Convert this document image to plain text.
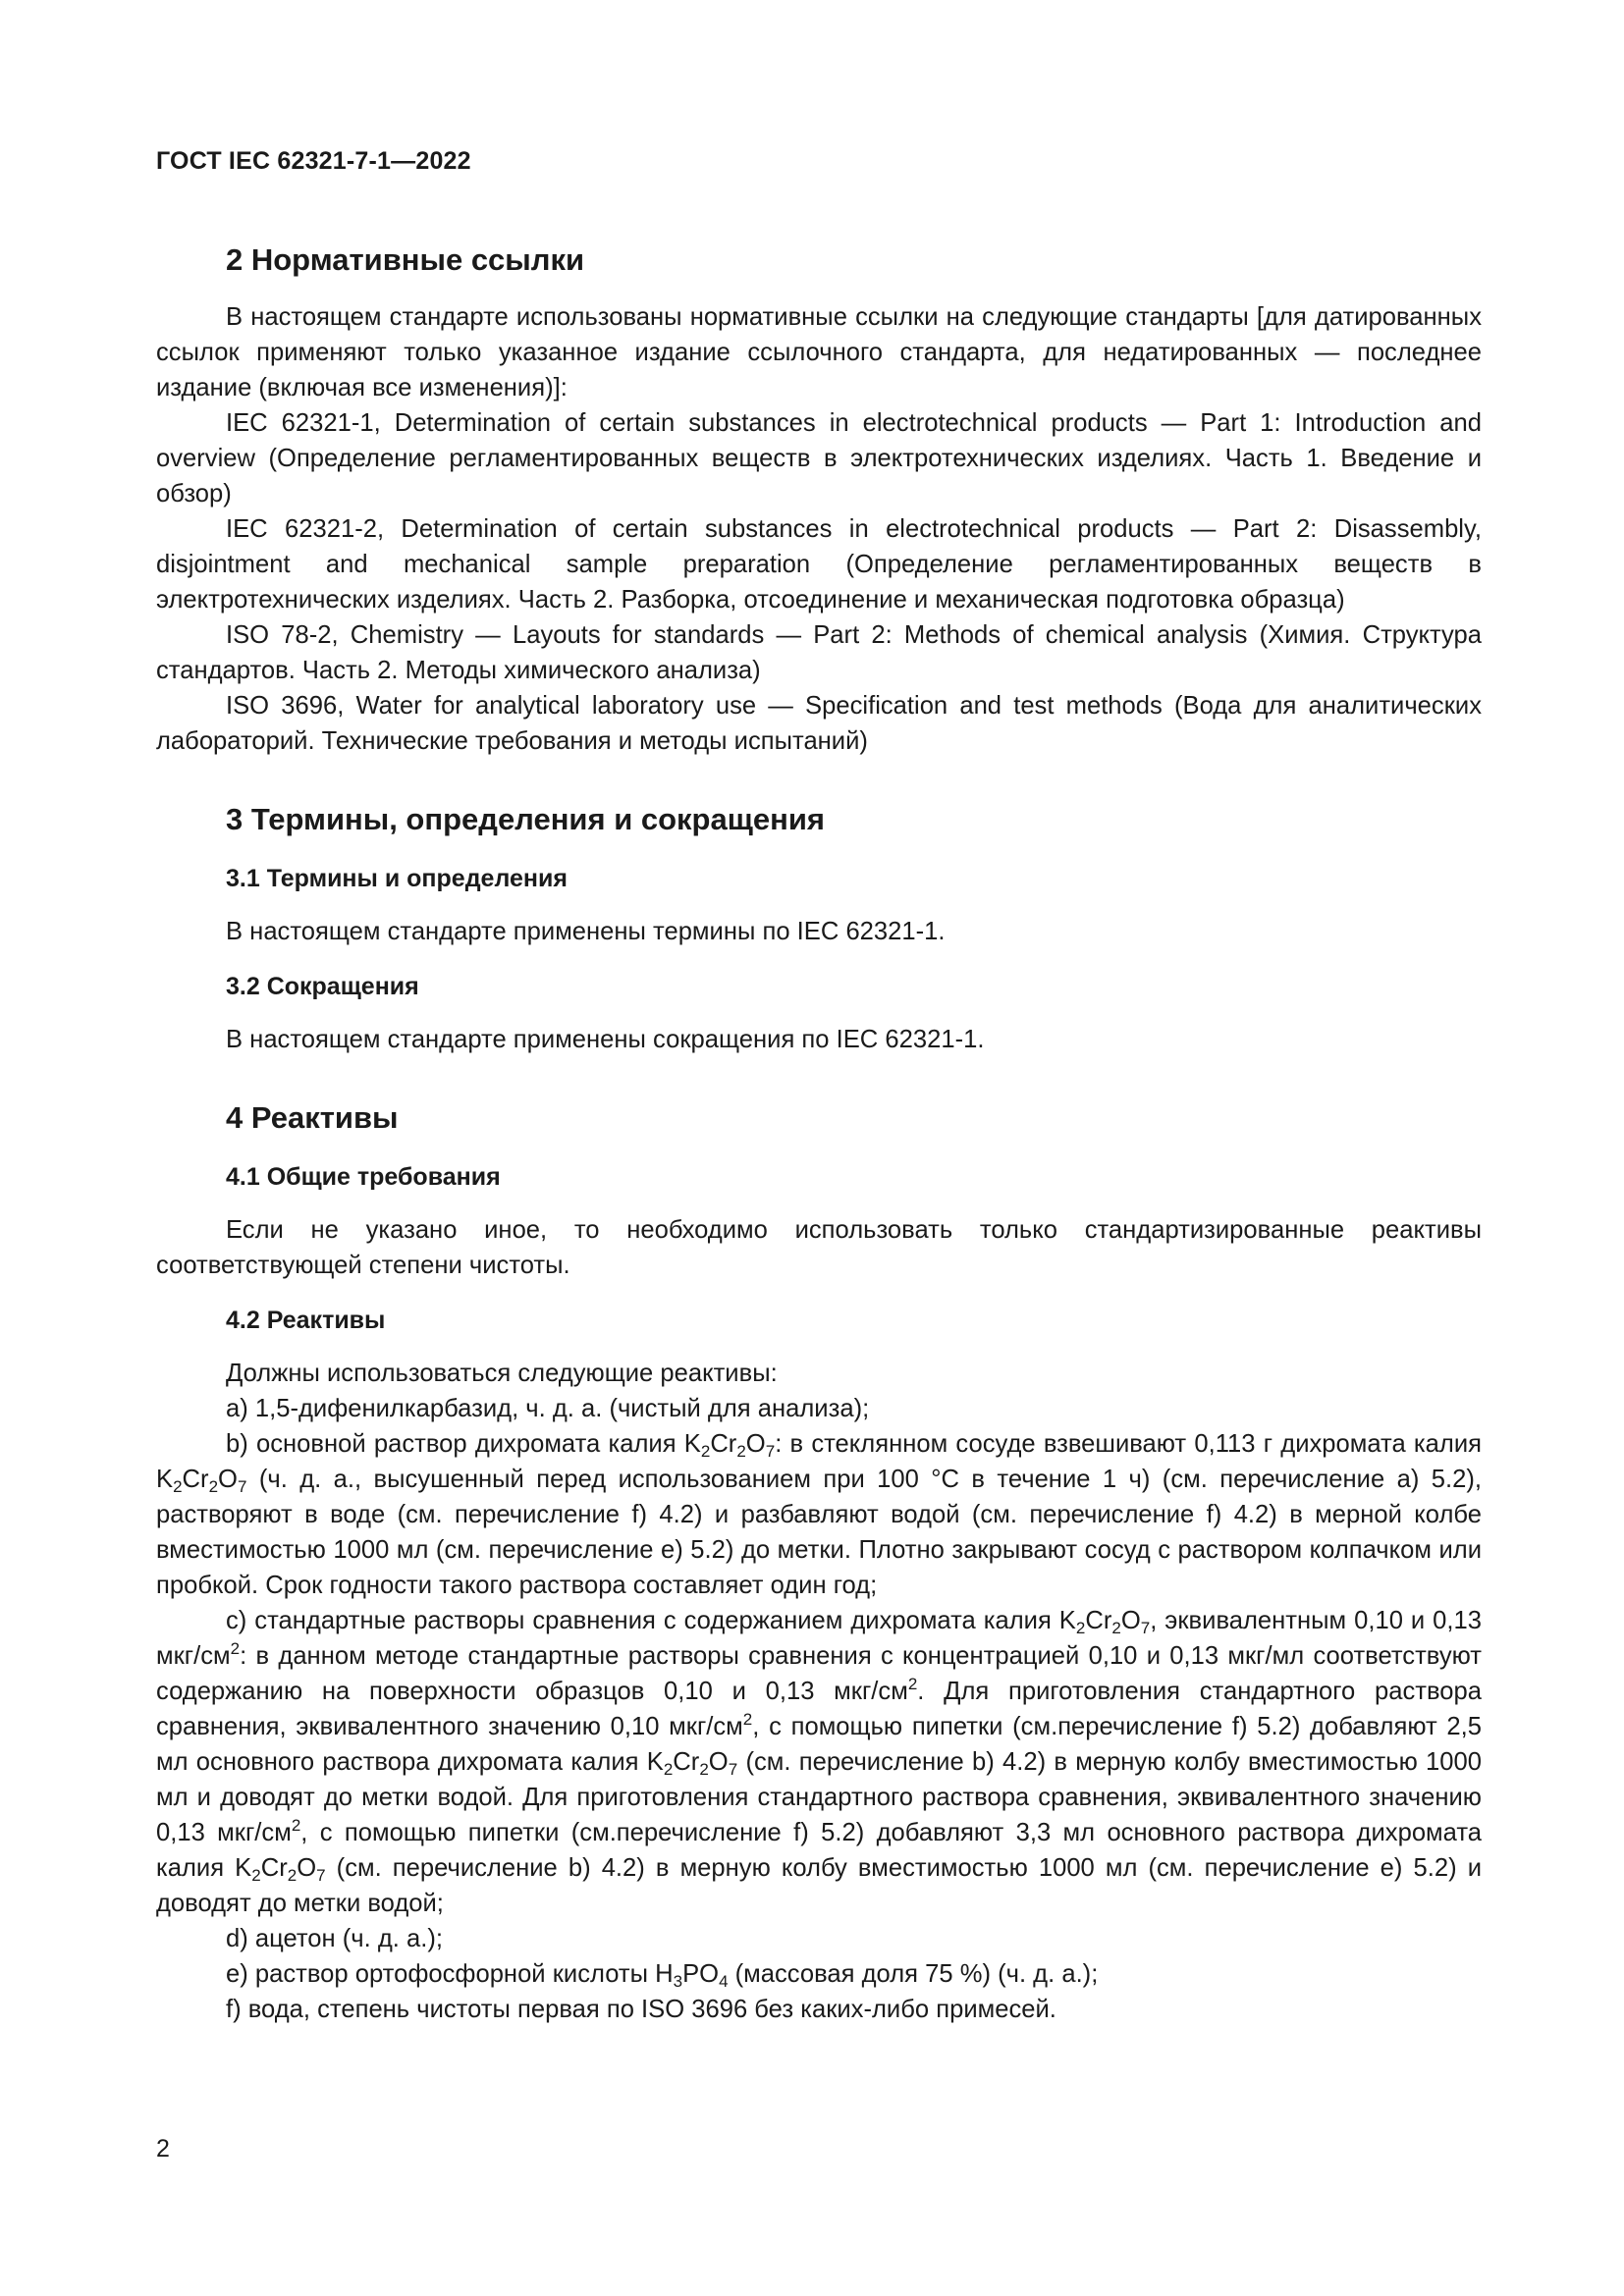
ГОСТ IEC 62321-7-1—2022
2 Нормативные ссылки

В настоящем стандарте использованы нормативные ссылки на следующие стандарты [для датированных ссылок применяют только указанное издание ссылочного стандарта, для недатированных — последнее издание (включая все изменения)]:

IEC 62321-1, Determination of certain substances in electrotechnical products — Part 1: Introduction and overview (Определение регламентированных веществ в электротехнических изделиях. Часть 1. Введение и обзор)

IEC 62321-2, Determination of certain substances in electrotechnical products — Part 2: Disassembly, disjointment and mechanical sample preparation (Определение регламентированных веществ в электротехнических изделиях. Часть 2. Разборка, отсоединение и механическая подготовка образца)

ISO 78-2, Chemistry — Layouts for standards — Part 2: Methods of chemical analysis (Химия. Структура стандартов. Часть 2. Методы химического анализа)

ISO 3696, Water for analytical laboratory use — Specification and test methods (Вода для аналитических лабораторий. Технические требования и методы испытаний)

3 Термины, определения и сокращения
3.1 Термины и определения

В настоящем стандарте применены термины по IEC 62321-1.

3.2 Сокращения

В настоящем стандарте применены сокращения по IEC 62321-1.

4 Реактивы
4.1 Общие требования

Если не указано иное, то необходимо использовать только стандартизированные реактивы соответствующей степени чистоты.

4.2 Реактивы

Должны использоваться следующие реактивы:

а) 1,5-дифенилкарбазид, ч. д. а. (чистый для анализа);

b) основной раствор дихромата калия $K_2Cr_2O_7$: в стеклянном сосуде взвешивают 0,113 г дихромата калия $K_2Cr_2O_7$ (ч. д. а., высушенный перед использованием при 100 °C в течение 1 ч) (см. перечисление а) 5.2), растворяют в воде (см. перечисление f) 4.2) и разбавляют водой (см. перечисление f) 4.2) в мерной колбе вместимостью 1000 мл (см. перечисление е) 5.2) до метки. Плотно закрывают сосуд с раствором колпачком или пробкой. Срок годности такого раствора составляет один год;

c) стандартные растворы сравнения с содержанием дихромата калия $K_2Cr_2O_7$, эквивалентным 0,10 и 0,13 мкг/$см^2$: в данном методе стандартные растворы сравнения с концентрацией 0,10 и 0,13 мкг/мл соответствуют содержанию на поверхности образцов 0,10 и 0,13 мкг/$см^2$. Для приготовления стандартного раствора сравнения, эквивалентного значению 0,10 мкг/$см^2$, с помощью пипетки (см.перечисление f) 5.2) добавляют 2,5 мл основного раствора дихромата калия $K_2Cr_2O_7$ (см. перечисление b) 4.2) в мерную колбу вместимостью 1000 мл и доводят до метки водой. Для приготовления стандартного раствора сравнения, эквивалентного значению 0,13 мкг/$см^2$, с помощью пипетки (см.перечисление f) 5.2) добавляют 3,3 мл основного раствора дихромата калия $K_2Cr_2O_7$ (см. перечисление b) 4.2) в мерную колбу вместимостью 1000 мл (см. перечисление е) 5.2) и доводят до метки водой;

d) ацетон (ч. д. а.);

е) раствор ортофосфорной кислоты $H_3PO_4$ (массовая доля 75 %) (ч. д. а.);

f) вода, степень чистоты первая по ISO 3696 без каких-либо примесей.

2
